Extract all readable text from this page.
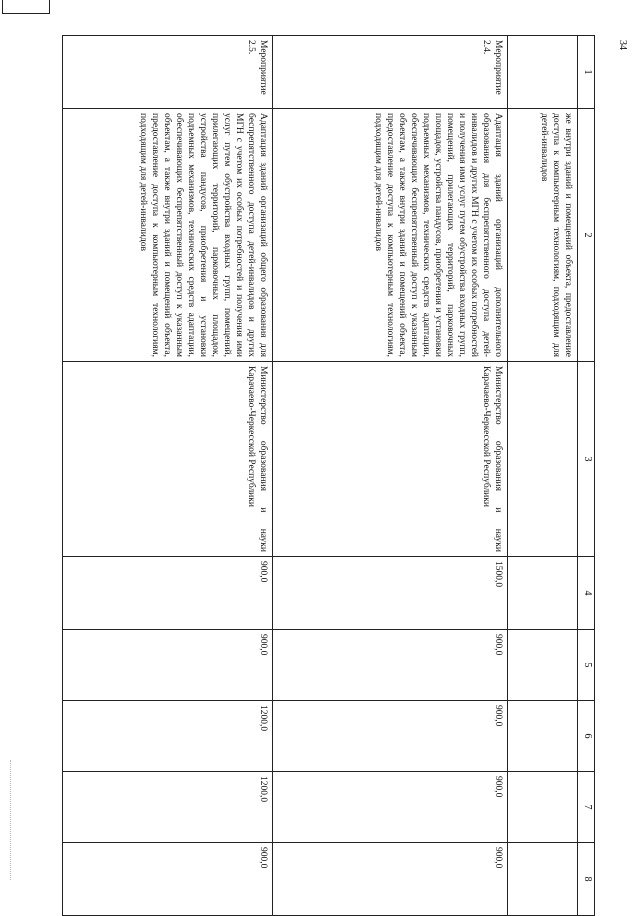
34
1	2	3	4	5	6	7	8
	же внутри зданий и помещений объекта, предоставление доступа к компьютерным технологиям, подходящим для детей-инвалидов						
Мероприятие 2.4.	Адаптация зданий организаций дополнительного образования для беспрепятственного доступа детей-инвалидов и других МГН с учетом их особых потребностей и получения ими услуг путем обустройства входных групп, помещений, прилегающих территорий, парковочных площадок, устройства пандусов, приобретения и установки подъемных механизмов, технических средств адаптации, обеспечивающих беспрепятственный доступ к указанным объектам, а также внутри зданий и помещений объекта, предоставление доступа к компьютерным технологиям, подходящим для детей-инвалидов	Министерство образования и науки Карачаево-Черкесской Республики	1500,0	900,0	900,0	900,0	900,0
Мероприятие 2.5.	Адаптация зданий организаций общего образования для беспрепятственного доступа детей-инвалидов и других МГН с учетом их особых потребностей и получения ими услуг путем обустройства входных групп, помещений, прилегающих территорий, парковочных площадок, устройства пандусов, приобретения и установки подъемных механизмов, технических средств адаптации, обеспечивающих беспрепятственный доступ к указанным объектам, а также внутри зданий и помещений объекта, предоставление доступа к компьютерным технологиям, подходящим для детей-инвалидов	Министерство образования и науки Карачаево-Черкесской Республики	900,0	900,0	1200,0	1200,0	900,0
